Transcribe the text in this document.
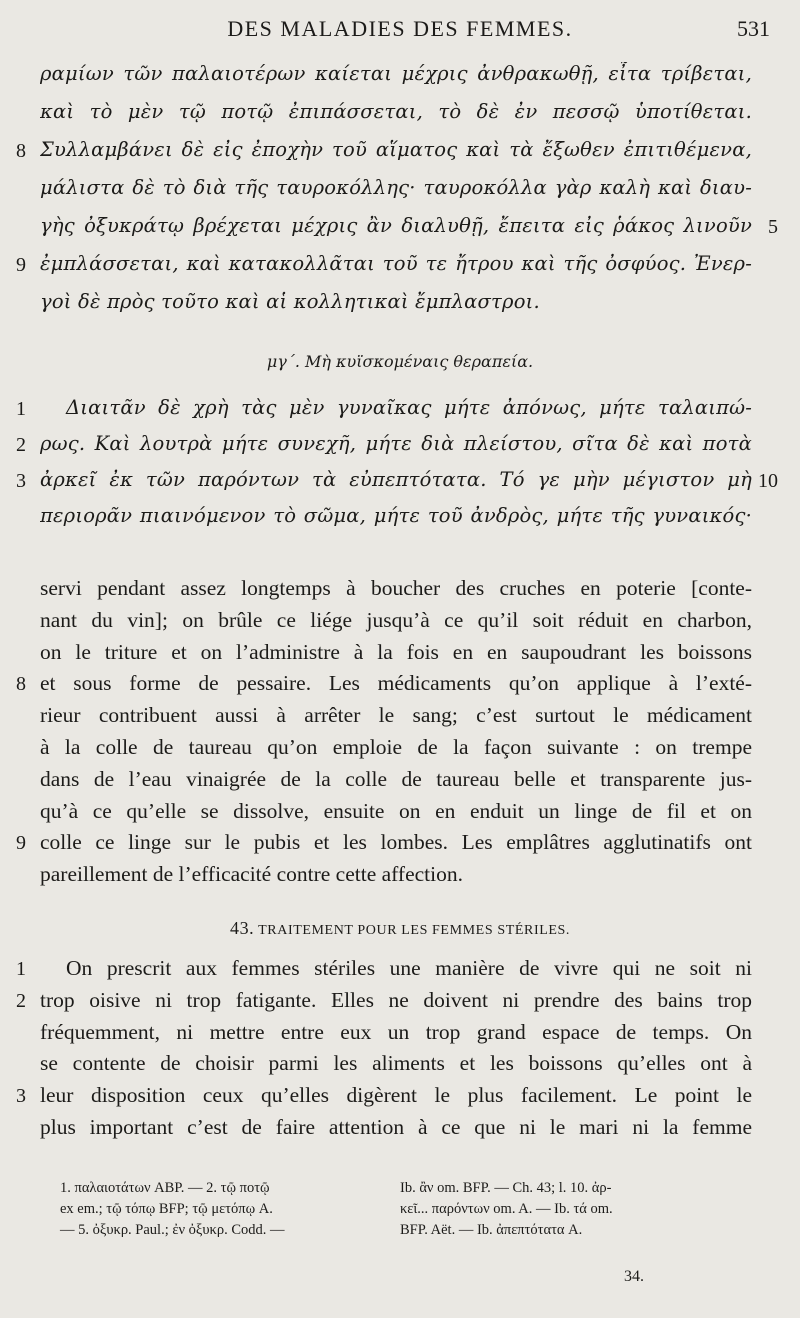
DES MALADIES DES FEMMES.	531
ραμίων τῶν παλαιοτέρων καίεται μέχρις ἀνθρακωθῇ, εἶτα τρίβεται,
καὶ τὸ μὲν τῷ ποτῷ ἐπιπάσσεται, τὸ δὲ ἐν πεσσῷ ὑποτίθεται.
Συλλαμβάνει δὲ εἰς ἐποχὴν τοῦ αἵματος καὶ τὰ ἔξωθεν ἐπιτιθέμενα,
8
μάλιστα δὲ τὸ διὰ τῆς ταυροκόλλης· ταυροκόλλα γὰρ καλὴ καὶ διαυ-
γὴς ὀξυκράτῳ βρέχεται μέχρις ἂν διαλυθῇ, ἔπειτα εἰς ῥάκος λινοῦν 5
ἐμπλάσσεται, καὶ κατακολλᾶται τοῦ τε ἤτρου καὶ τῆς ὀσφύος. Ἐνερ-
9
γοὶ δὲ πρὸς τοῦτο καὶ αἱ κολλητικαὶ ἔμπλαστροι.
μγ΄. Μὴ κυϊσκομέναις θεραπεία.
Διαιτᾶν δὲ χρὴ τὰς μὲν γυναῖκας μήτε ἀπόνως, μήτε ταλαιπώ-
1
ρως. Καὶ λουτρὰ μήτε συνεχῆ, μήτε διὰ πλείστου, σῖτα δὲ καὶ ποτὰ
2
ἀρκεῖ ἐκ τῶν παρόντων τὰ εὐπεπτότατα. Τό γε μὴν μέγιστον μὴ
3	10
περιορᾶν πιαινόμενον τὸ σῶμα, μήτε τοῦ ἀνδρὸς, μήτε τῆς γυναικός·
servi pendant assez longtemps à boucher des cruches en poterie [conte-
nant du vin]; on brûle ce liége jusqu’à ce qu’il soit réduit en charbon,
on le triture et on l’administre à la fois en en saupoudrant les boissons
et sous forme de pessaire. Les médicaments qu’on applique à l’exté-
8
rieur contribuent aussi à arrêter le sang; c’est surtout le médicament
à la colle de taureau qu’on emploie de la façon suivante : on trempe
dans de l’eau vinaigrée de la colle de taureau belle et transparente jus-
qu’à ce qu’elle se dissolve, ensuite on en enduit un linge de fil et on
colle ce linge sur le pubis et les lombes. Les emplâtres agglutinatifs ont
9
pareillement de l’efficacité contre cette affection.
43. TRAITEMENT POUR LES FEMMES STÉRILES.
On prescrit aux femmes stériles une manière de vivre qui ne soit ni
1
trop oisive ni trop fatigante. Elles ne doivent ni prendre des bains trop
2
fréquemment, ni mettre entre eux un trop grand espace de temps. On
se contente de choisir parmi les aliments et les boissons qu’elles ont à
leur disposition ceux qu’elles digèrent le plus facilement. Le point le
3
plus important c’est de faire attention à ce que ni le mari ni la femme
1. παλαιοτάτων ABP. — 2. τῷ ποτῷ	Ib. ἂν om. BFP. — Ch. 43; l. 10. ἀρ-
ex em.; τῷ τόπῳ BFP; τῷ μετόπῳ A.	κεῖ... παρόντων om. A. — Ib. τά om.
— 5. ὀξυκρ. Paul.; ἐν ὀξυκρ. Codd. —	BFP. Aët. — Ib. ἀπεπτότατα A.
34.
